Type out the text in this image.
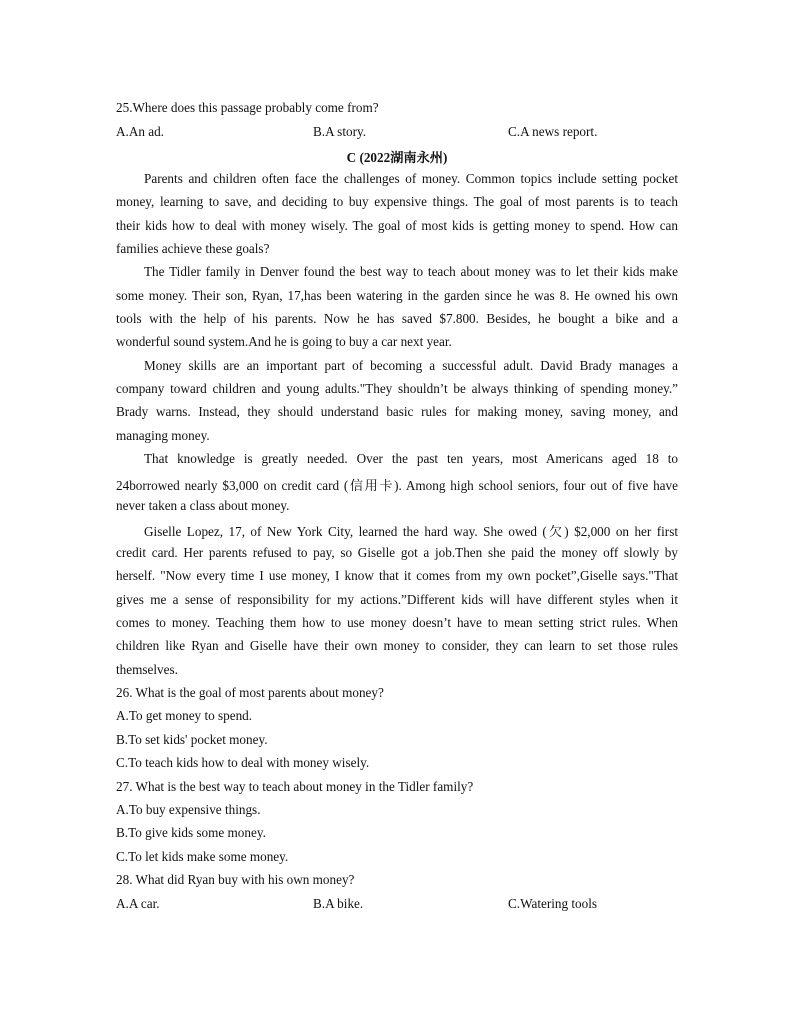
25.Where does this passage probably come from?
A.An ad.	B.A story.	C.A news report.
C (2022湖南永州)
Parents and children often face the challenges of money. Common topics include setting pocket
money, learning to save, and deciding to buy expensive things. The goal of most parents is to teach
their kids how to deal with money wisely. The goal of most kids is getting money to spend. How can
families achieve these goals?
The Tidler family in Denver found the best way to teach about money was to let their kids make
some money. Their son, Ryan, 17,has been watering in the garden since he was 8. He owned his own
tools with the help of his parents. Now he has saved $7.800. Besides, he bought a bike and a
wonderful sound system.And he is going to buy a car next year.
Money skills are an important part of becoming a successful adult. David Brady manages a
company toward children and young adults."They shouldn’t be always thinking of spending money.”
Brady warns. Instead, they should understand basic rules for making money, saving money, and
managing money.
That knowledge is greatly needed. Over the past ten years, most Americans aged 18 to
24borrowed nearly $3,000 on credit card (信用卡). Among high school seniors, four out of five have
never taken a class about money.
Giselle Lopez, 17, of New York City, learned the hard way. She owed (欠) $2,000 on her first
credit card. Her parents refused to pay, so Giselle got a job.Then she paid the money off slowly by
herself. "Now every time I use money, I know that it comes from my own pocket”,Giselle says."That
gives me a sense of responsibility for my actions.”Different kids will have different styles when it
comes to money. Teaching them how to use money doesn’t have to mean setting strict rules. When
children like Ryan and Giselle have their own money to consider, they can learn to set those rules
themselves.
26. What is the goal of most parents about money?
A.To get money to spend.
B.To set kids' pocket money.
C.To teach kids how to deal with money wisely.
27. What is the best way to teach about money in the Tidler family?
A.To buy expensive things.
B.To give kids some money.
C.To let kids make some money.
28. What did Ryan buy with his own money?
A.A car.	B.A bike.	C.Watering tools
